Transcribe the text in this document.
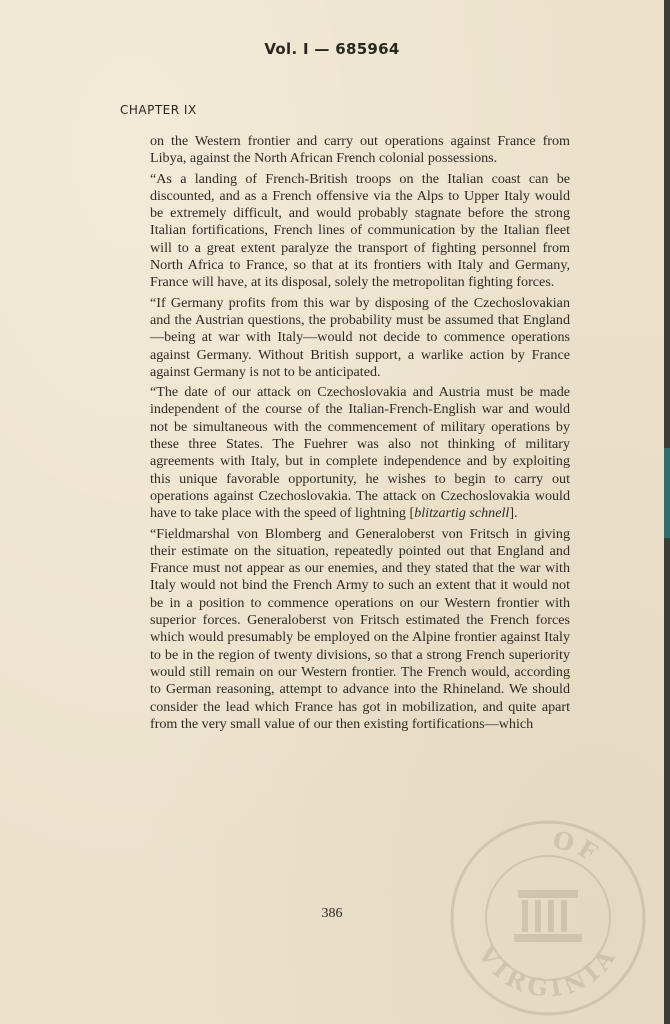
Vol. I — 685964
CHAPTER IX

on the Western frontier and carry out operations against France from Libya, against the North African French colonial possessions.

“As a landing of French-British troops on the Italian coast can be discounted, and as a French offensive via the Alps to Upper Italy would be extremely difficult, and would probably stagnate before the strong Italian fortifications, French lines of communication by the Italian fleet will to a great extent paralyze the transport of fighting personnel from North Africa to France, so that at its frontiers with Italy and Germany, France will have, at its disposal, solely the metropolitan fighting forces.

“If Germany profits from this war by disposing of the Czechoslovakian and the Austrian questions, the probability must be assumed that England—being at war with Italy—would not decide to commence operations against Germany. Without British support, a warlike action by France against Germany is not to be anticipated.

“The date of our attack on Czechoslovakia and Austria must be made independent of the course of the Italian-French-English war and would not be simultaneous with the commencement of military operations by these three States. The Fuehrer was also not thinking of military agreements with Italy, but in complete independence and by exploiting this unique favorable opportunity, he wishes to begin to carry out operations against Czechoslovakia. The attack on Czechoslovakia would have to take place with the speed of lightning [blitzartig schnell].

“Fieldmarshal von Blomberg and Generaloberst von Fritsch in giving their estimate on the situation, repeatedly pointed out that England and France must not appear as our enemies, and they stated that the war with Italy would not bind the French Army to such an extent that it would not be in a position to commence operations on our Western frontier with superior forces. Generaloberst von Fritsch estimated the French forces which would presumably be employed on the Alpine frontier against Italy to be in the region of twenty divisions, so that a strong French superiority would still remain on our Western frontier. The French would, according to German reasoning, attempt to advance into the Rhineland. We should consider the lead which France has got in mobilization, and quite apart from the very small value of our then existing fortifications—which

386
OF
VIRGINIA
